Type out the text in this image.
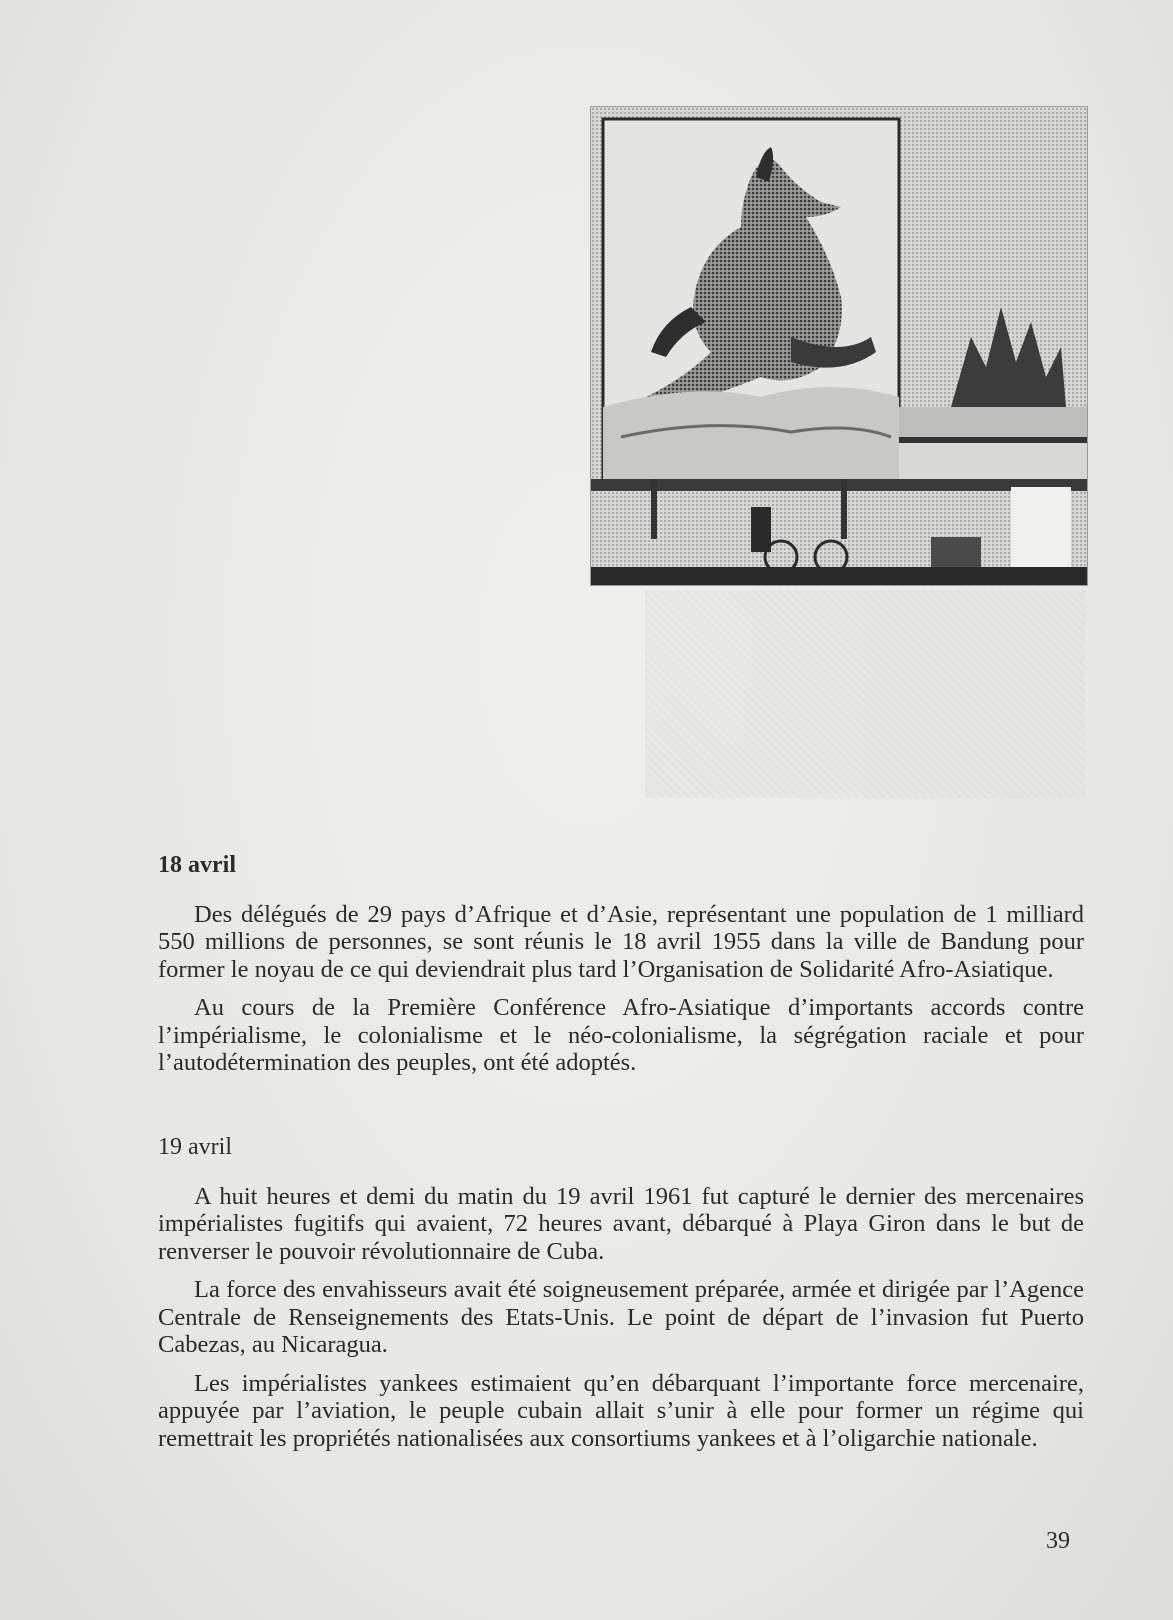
18 avril

Des délégués de 29 pays d’Afrique et d’Asie, représentant une population de 1 milliard 550 millions de personnes, se sont réunis le 18 avril 1955 dans la ville de Bandung pour former le noyau de ce qui deviendrait plus tard l’Organisation de Solidarité Afro-Asiatique.

Au cours de la Première Conférence Afro-Asiatique d’importants accords contre l’impérialisme, le colonialisme et le néo-colonialisme, la ségrégation raciale et pour l’autodétermination des peuples, ont été adoptés.

19 avril

A huit heures et demi du matin du 19 avril 1961 fut capturé le dernier des mercenaires impérialistes fugitifs qui avaient, 72 heures avant, débarqué à Playa Giron dans le but de renverser le pouvoir révolutionnaire de Cuba.

La force des envahisseurs avait été soigneusement préparée, armée et dirigée par l’Agence Centrale de Renseignements des Etats-Unis. Le point de départ de l’invasion fut Puerto Cabezas, au Nicaragua.

Les impérialistes yankees estimaient qu’en débarquant l’importante force mercenaire, appuyée par l’aviation, le peuple cubain allait s’unir à elle pour former un régime qui remettrait les propriétés nationalisées aux consortiums yankees et à l’oligarchie nationale.

39
